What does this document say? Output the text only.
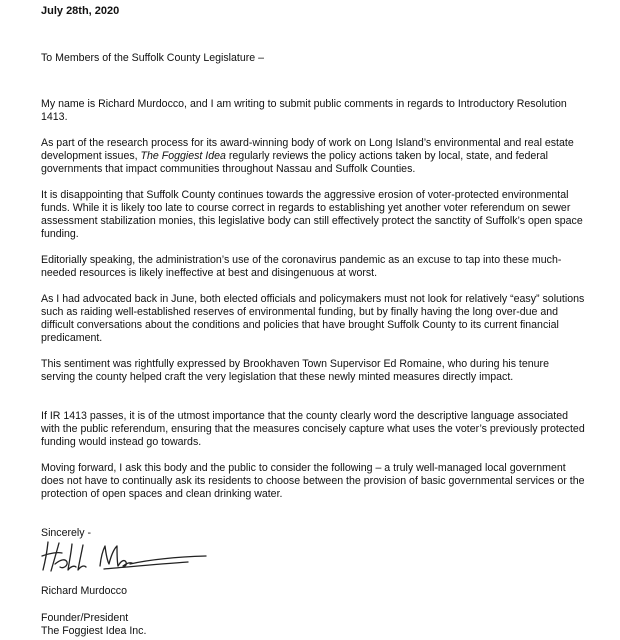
July 28th, 2020
To Members of the Suffolk County Legislature –

My name is Richard Murdocco, and I am writing to submit public comments in regards to Introductory Resolution 1413.

As part of the research process for its award-winning body of work on Long Island’s environmental and real estate development issues, The Foggiest Idea regularly reviews the policy actions taken by local, state, and federal governments that impact communities throughout Nassau and Suffolk Counties.

It is disappointing that Suffolk County continues towards the aggressive erosion of voter-protected environmental funds. While it is likely too late to course correct in regards to establishing yet another voter referendum on sewer assessment stabilization monies, this legislative body can still effectively protect the sanctity of Suffolk’s open space funding.

Editorially speaking, the administration’s use of the coronavirus pandemic as an excuse to tap into these much-needed resources is likely ineffective at best and disingenuous at worst.

As I had advocated back in June, both elected officials and policymakers must not look for relatively “easy” solutions such as raiding well-established reserves of environmental funding, but by finally having the long over-due and difficult conversations about the conditions and policies that have brought Suffolk County to its current financial predicament.

This sentiment was rightfully expressed by Brookhaven Town Supervisor Ed Romaine, who during his tenure serving the county helped craft the very legislation that these newly minted measures directly impact.

If IR 1413 passes, it is of the utmost importance that the county clearly word the descriptive language associated with the public referendum, ensuring that the measures concisely capture what uses the voter’s previously protected funding would instead go towards.

Moving forward, I ask this body and the public to consider the following – a truly well-managed local government does not have to continually ask its residents to choose between the provision of basic governmental services or the protection of open spaces and clean drinking water.

Sincerely -
Richard Murdocco
Founder/President
The Foggiest Idea Inc.
